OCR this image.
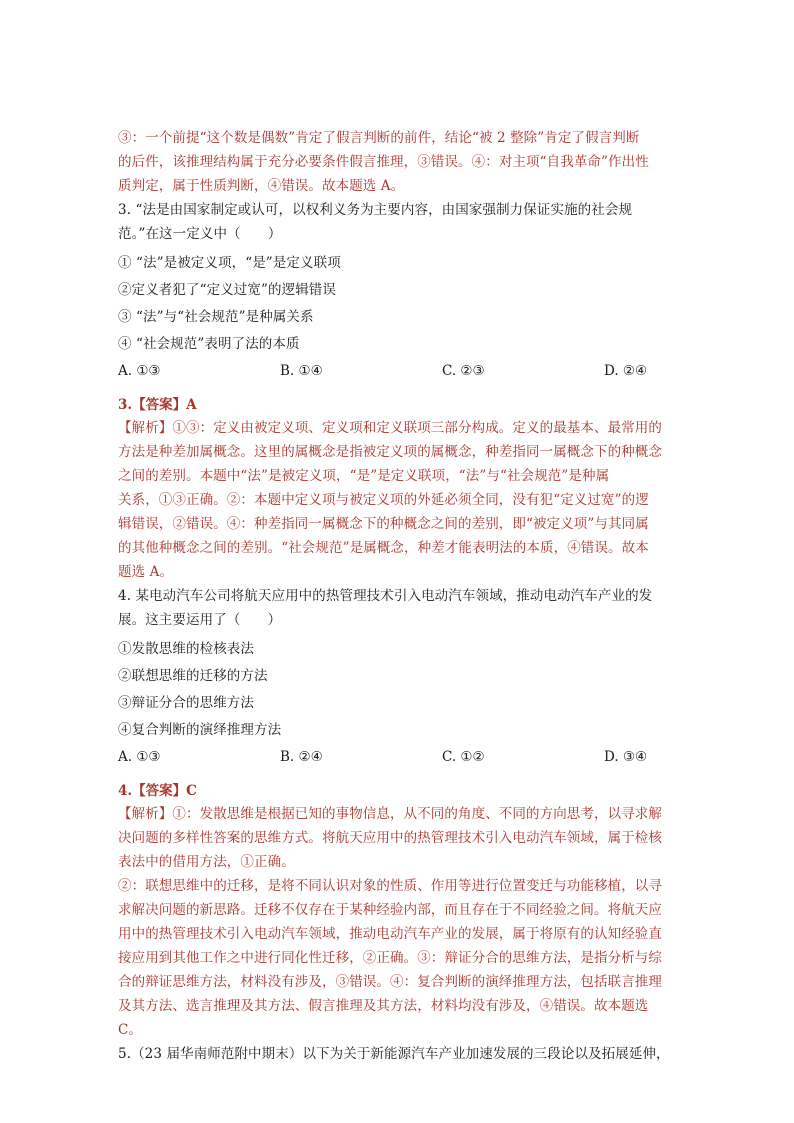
③：一个前提“这个数是偶数”肯定了假言判断的前件，结论“被 2 整除”肯定了假言判断
的后件，该推理结构属于充分必要条件假言推理，③错误。④：对主项“自我革命”作出性
质判定，属于性质判断，④错误。故本题选 A。
3. “法是由国家制定或认可，以权利义务为主要内容，由国家强制力保证实施的社会规
范。”在这一定义中（　　）
① “法”是被定义项，“是”是定义联项
②定义者犯了“定义过宽”的逻辑错误
③ “法”与“社会规范”是种属关系
④ “社会规范”表明了法的本质
A. ①③	B. ①④	C. ②③	D. ②④
3.【答案】A
【解析】①③：定义由被定义项、定义项和定义联项三部分构成。定义的最基本、最常用的
方法是种差加属概念。这里的属概念是指被定义项的属概念，种差指同一属概念下的种概念
之间的差别。本题中“法”是被定义项，“是”是定义联项，“法”与“社会规范”是种属
关系，①③正确。②：本题中定义项与被定义项的外延必须全同，没有犯“定义过宽”的逻
辑错误，②错误。④：种差指同一属概念下的种概念之间的差别，即“被定义项”与其同属
的其他种概念之间的差别。“社会规范”是属概念，种差才能表明法的本质，④错误。故本
题选 A。
4. 某电动汽车公司将航天应用中的热管理技术引入电动汽车领域，推动电动汽车产业的发
展。这主要运用了（　　）
①发散思维的检核表法
②联想思维的迁移的方法
③辩证分合的思维方法
④复合判断的演绎推理方法
A. ①③	B. ②④	C. ①②	D. ③④
4.【答案】C
【解析】①：发散思维是根据已知的事物信息，从不同的角度、不同的方向思考，以寻求解
决问题的多样性答案的思维方式。将航天应用中的热管理技术引入电动汽车领域，属于检核
表法中的借用方法，①正确。
②：联想思维中的迁移，是将不同认识对象的性质、作用等进行位置变迁与功能移植，以寻
求解决问题的新思路。迁移不仅存在于某种经验内部，而且存在于不同经验之间。将航天应
用中的热管理技术引入电动汽车领域，推动电动汽车产业的发展，属于将原有的认知经验直
接应用到其他工作之中进行同化性迁移，②正确。③：辩证分合的思维方法，是指分析与综
合的辩证思维方法，材料没有涉及，③错误。④：复合判断的演绎推理方法，包括联言推理
及其方法、选言推理及其方法、假言推理及其方法，材料均没有涉及，④错误。故本题选
C。
5.（23 届华南师范附中期末）以下为关于新能源汽车产业加速发展的三段论以及拓展延伸，
